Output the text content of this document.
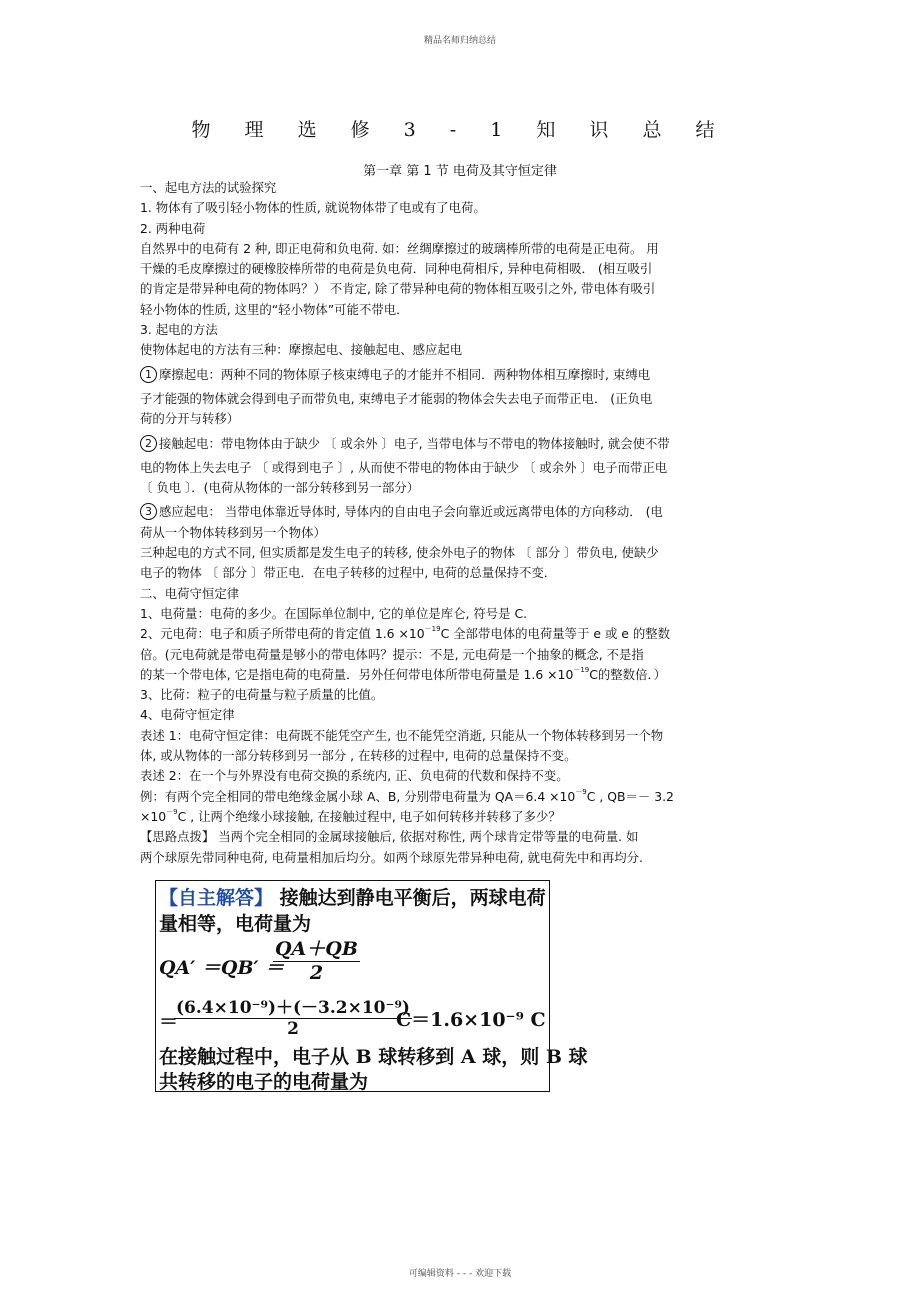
精品名师归纳总结
物 理 选 修 3 - 1 知 识 总 结
第一章 第 1 节 电荷及其守恒定律
一、起电方法的试验探究
1. 物体有了吸引轻小物体的性质, 就说物体带了电或有了电荷。
2. 两种电荷
自然界中的电荷有 2 种, 即正电荷和负电荷. 如：丝绸摩擦过的玻璃棒所带的电荷是正电荷。 用
干燥的毛皮摩擦过的硬橡胶棒所带的电荷是负电荷．同种电荷相斥, 异种电荷相吸． (相互吸引
的肯定是带异种电荷的物体吗？） 不肯定, 除了带异种电荷的物体相互吸引之外, 带电体有吸引
轻小物体的性质, 这里的“轻小物体”可能不带电．
3. 起电的方法
使物体起电的方法有三种：摩擦起电、接触起电、感应起电
1 摩擦起电：两种不同的物体原子核束缚电子的才能并不相同．两种物体相互摩擦时, 束缚电
子才能强的物体就会得到电子而带负电, 束缚电子才能弱的物体会失去电子而带正电． (正负电
荷的分开与转移）
2 接触起电：带电物体由于缺少 〔 或余外 〕电子, 当带电体与不带电的物体接触时, 就会使不带
电的物体上失去电子 〔 或得到电子 〕, 从而使不带电的物体由于缺少 〔 或余外 〕电子而带正电
〔 负电 〕．(电荷从物体的一部分转移到另一部分）
3 感应起电： 当带电体靠近导体时, 导体内的自由电子会向靠近或远离带电体的方向移动． (电
荷从一个物体转移到另一个物体）
三种起电的方式不同, 但实质都是发生电子的转移, 使余外电子的物体 〔 部分 〕带负电, 使缺少
电子的物体 〔 部分 〕带正电．在电子转移的过程中, 电荷的总量保持不变．
二、电荷守恒定律
1、电荷量：电荷的多少。在国际单位制中, 它的单位是库仑, 符号是 C.
2、元电荷：电子和质子所带电荷的肯定值 $1.6 \times 10^{-19}C$ 全部带电体的电荷量等于 e 或 e 的整数
倍。(元电荷就是带电荷量是够小的带电体吗？提示：不是, 元电荷是一个抽象的概念, 不是指
的某一个带电体, 它是指电荷的电荷量．另外任何带电体所带电荷量是 $1.6 \times 10^{-19}C$的整数倍．）
3、比荷：粒子的电荷量与粒子质量的比值。
4、电荷守恒定律
表述 1：电荷守恒定律：电荷既不能凭空产生, 也不能凭空消逝, 只能从一个物体转移到另一个物
体, 或从物体的一部分转移到另一部分 , 在转移的过程中, 电荷的总量保持不变。
表述 2：在一个与外界没有电荷交换的系统内, 正、负电荷的代数和保持不变。
例：有两个完全相同的带电绝缘金属小球 A、B, 分别带电荷量为 $QA=6.4 \times 10^{-9}C$ , QB＝－ 3.2
$\times 10^{-9}C$ , 让两个绝缘小球接触, 在接触过程中, 电子如何转移并转移了多少？
【思路点拨】 当两个完全相同的金属球接触后, 依据对称性, 两个球肯定带等量的电荷量. 如
两个球原先带同种电荷, 电荷量相加后均分。如两个球原先带异种电荷, 就电荷先中和再均分.
【自主解答】 接触达到静电平衡后，两球电荷
量相等，电荷量为
QA′ ＝QB′ ＝
$\frac{QA+QB}{2}$
＝
$\frac{\text{(6.4×10⁻⁹)＋(－3.2×10⁻⁹)}}{2}$
C＝1.6×10⁻⁹ C
在接触过程中，电子从 B 球转移到 A 球，则 B 球
共转移的电子的电荷量为
可编辑资料 - - - 欢迎下载
